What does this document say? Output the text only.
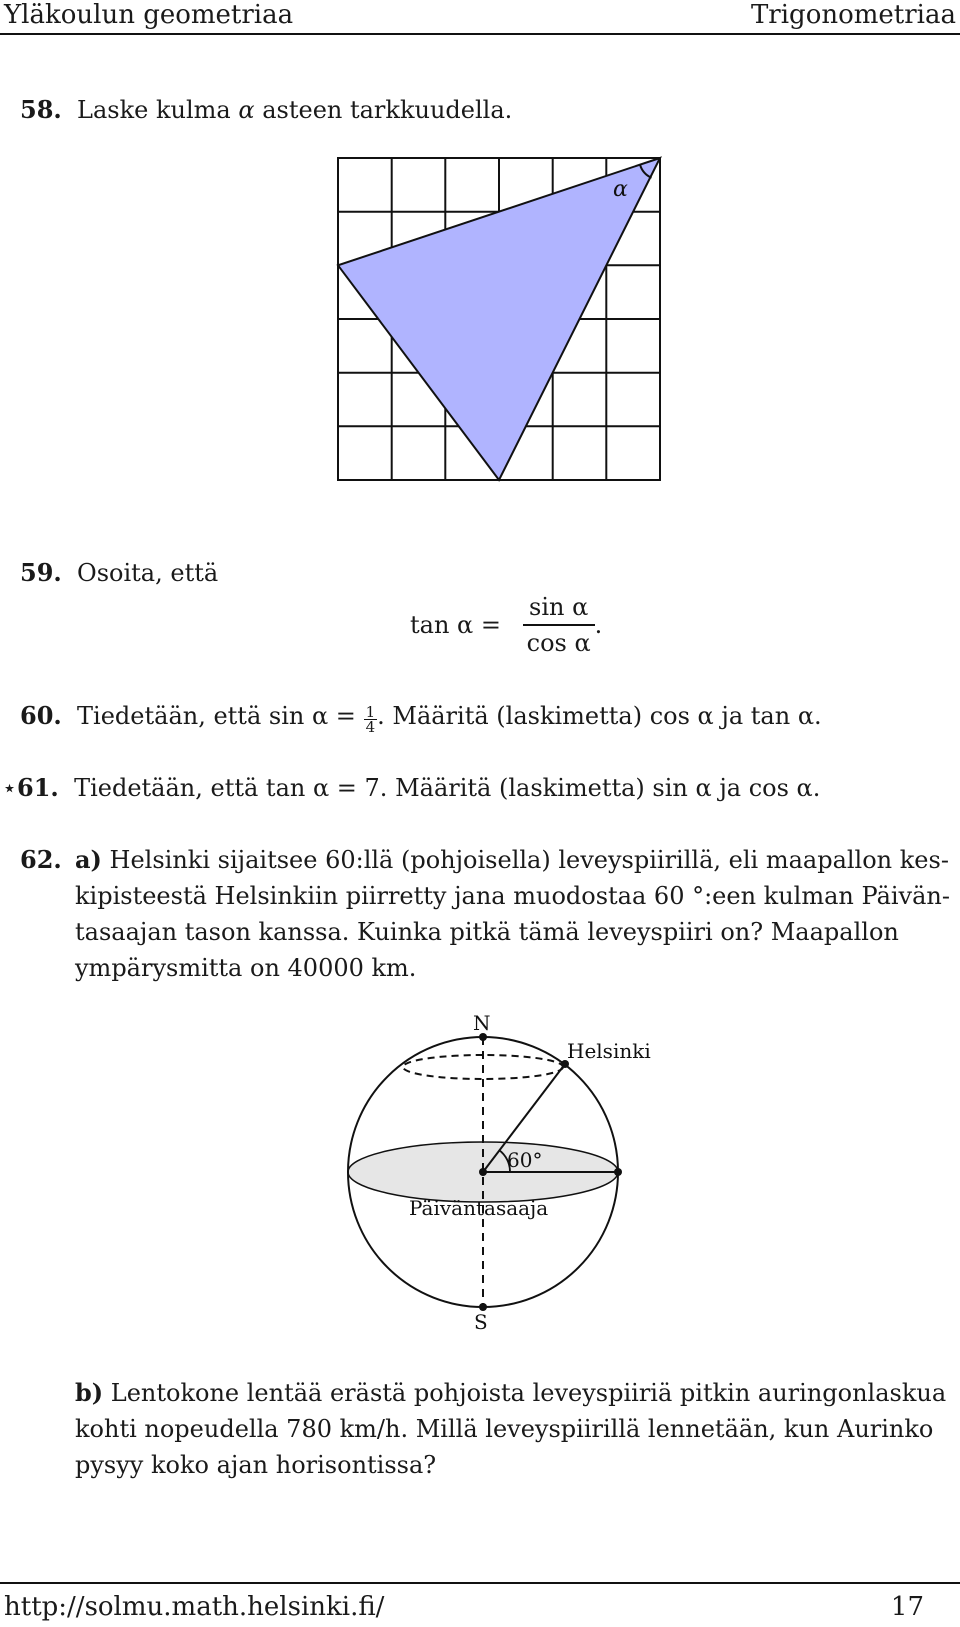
Yläkoulun geometriaa	Trigonometriaa
58. Laske kulma α asteen tarkkuudella.
α
59. Osoita, että
$\tan \alpha = \frac{\text{sin α}}{\text{cos α}}$ .
60. Tiedetään, että $\sin \alpha = \frac{1}{4}$ . Määritä (laskimetta) cos α ja tan α.
⋆61. Tiedetään, että tan α = 7. Määritä (laskimetta) sin α ja cos α.
62. a) Helsinki sijaitsee 60:llä (pohjoisella) leveyspiirillä, eli maapallon kes-
kipisteestä Helsinkiin piirretty jana muodostaa 60 °:een kulman Päivän-
tasaajan tason kanssa. Kuinka pitkä tämä leveyspiiri on? Maapallon
ympärysmitta on 40000 km.
N
Helsinki
60°
Päiväntasaaja
S
b) Lentokone lentää erästä pohjoista leveyspiiriä pitkin auringonlaskua
kohti nopeudella 780 km/h. Millä leveyspiirillä lennetään, kun Aurinko
pysyy koko ajan horisontissa?
http://solmu.math.helsinki.fi/	17
